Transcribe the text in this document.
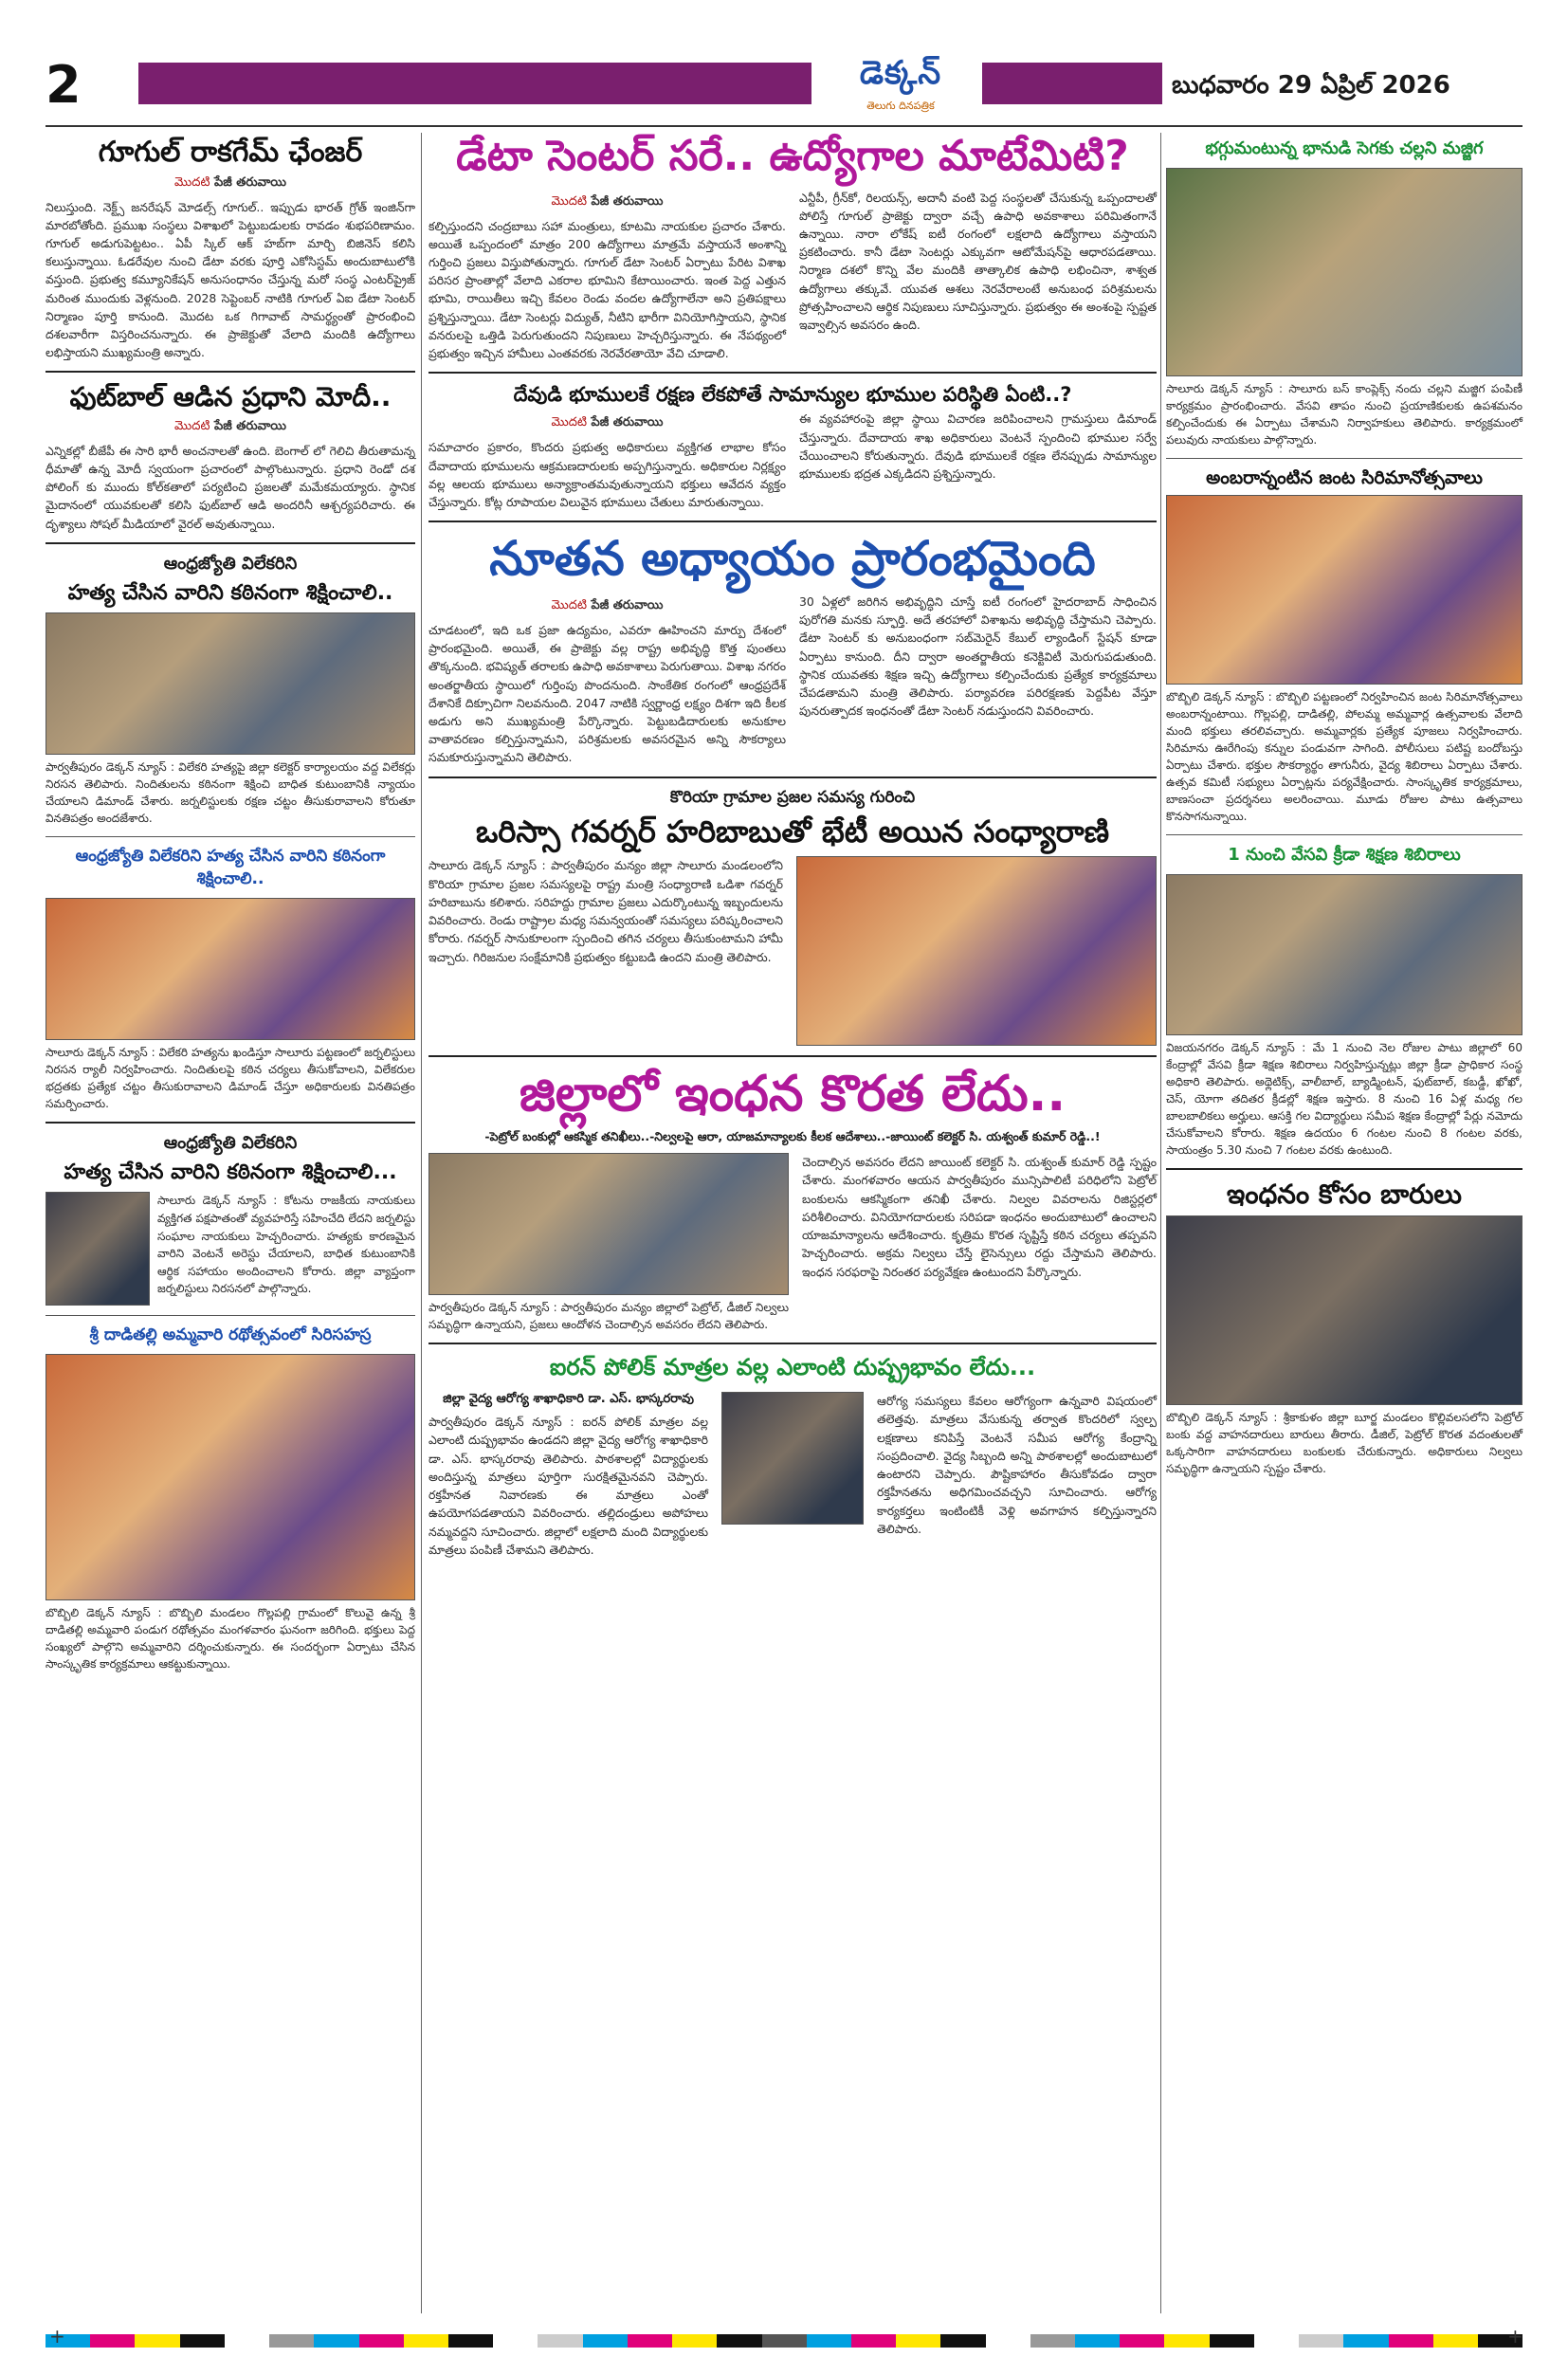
2	డెక్కన్
తెలుగు దినపత్రిక
బుధవారం 29 ఏప్రిల్ 2026
గూగుల్ రాకగేమ్ ఛేంజర్
మొదటి పేజీ తరువాయి

నిలుస్తుంది. నెక్ట్స్ జనరేషన్ మోడల్స్ గూగుల్.. ఇప్పుడు భారత్ గ్రోత్ ఇంజిన్‌గా మారబోతోంది. ప్రముఖ సంస్థలు విశాఖలో పెట్టుబడులకు రావడం శుభపరిణామం. గూగుల్ అడుగుపెట్టటం.. ఏపీ స్కిల్ ఆక్ హబ్‌గా మార్చి బిజినెస్ కలిసి కలుస్తున్నాయి. ఓడరేవుల నుంచి డేటా వరకు పూర్తి ఎకోసిస్టమ్ అందుబాటులోకి వస్తుంది. ప్రభుత్వ కమ్యూనికేషన్ అనుసంధానం చేస్తున్న మరో సంస్థ ఎంటర్‌ప్రైజ్ మరింత ముందుకు వెళ్లనుంది. 2028 సెప్టెంబర్ నాటికి గూగుల్ ఏఐ డేటా సెంటర్ నిర్మాణం పూర్తి కానుంది. మొదట ఒక గిగావాట్ సామర్థ్యంతో ప్రారంభించి దశలవారీగా విస్తరించనున్నారు. ఈ ప్రాజెక్టుతో వేలాది మందికి ఉద్యోగాలు లభిస్తాయని ముఖ్యమంత్రి అన్నారు.

ఫుట్‌బాల్ ఆడిన ప్రధాని మోదీ..
మొదటి పేజీ తరువాయి

ఎన్నికల్లో బీజేపీ ఈ సారి భారీ అంచనాలతో ఉంది. బెంగాల్ లో గెలిచి తీరుతామన్న ధీమాతో ఉన్న మోదీ స్వయంగా ప్రచారంలో పాల్గొంటున్నారు. ప్రధాని రెండో దశ పోలింగ్ కు ముందు కోల్‌కతాలో పర్యటించి ప్రజలతో మమేకమయ్యారు. స్థానిక మైదానంలో యువకులతో కలిసి ఫుట్‌బాల్ ఆడి అందరినీ ఆశ్చర్యపరిచారు. ఈ దృశ్యాలు సోషల్ మీడియాలో వైరల్ అవుతున్నాయి.

ఆంధ్రజ్యోతి విలేకరిని
హత్య చేసిన వారిని కఠినంగా శిక్షించాలి..

పార్వతీపురం డెక్కన్ న్యూస్ : విలేకరి హత్యపై జిల్లా కలెక్టర్ కార్యాలయం వద్ద విలేకర్లు నిరసన తెలిపారు. నిందితులను కఠినంగా శిక్షించి బాధిత కుటుంబానికి న్యాయం చేయాలని డిమాండ్ చేశారు. జర్నలిస్టులకు రక్షణ చట్టం తీసుకురావాలని కోరుతూ వినతిపత్రం అందజేశారు.

ఆంధ్రజ్యోతి విలేకరిని హత్య చేసిన వారిని కఠినంగా శిక్షించాలి..

సాలూరు డెక్కన్ న్యూస్ : విలేకరి హత్యను ఖండిస్తూ సాలూరు పట్టణంలో జర్నలిస్టులు నిరసన ర్యాలీ నిర్వహించారు. నిందితులపై కఠిన చర్యలు తీసుకోవాలని, విలేకరుల భద్రతకు ప్రత్యేక చట్టం తీసుకురావాలని డిమాండ్ చేస్తూ అధికారులకు వినతిపత్రం సమర్పించారు.

ఆంధ్రజ్యోతి విలేకరిని
హత్య చేసిన వారిని కఠినంగా శిక్షించాలి...

సాలూరు డెక్కన్ న్యూస్ : కోటను రాజకీయ నాయకులు వ్యక్తిగత పక్షపాతంతో వ్యవహరిస్తే సహించేది లేదని జర్నలిస్టు సంఘాల నాయకులు హెచ్చరించారు. హత్యకు కారణమైన వారిని వెంటనే అరెస్టు చేయాలని, బాధిత కుటుంబానికి ఆర్థిక సహాయం అందించాలని కోరారు. జిల్లా వ్యాప్తంగా జర్నలిస్టులు నిరసనలో పాల్గొన్నారు.

శ్రీ దాడితల్లి అమ్మవారి రథోత్సవంలో సిరిసహస్ర

బొబ్బిలి డెక్కన్ న్యూస్ : బొబ్బిలి మండలం గొల్లపల్లి గ్రామంలో కొలువై ఉన్న శ్రీ దాడితల్లి అమ్మవారి పండుగ రథోత్సవం మంగళవారం ఘనంగా జరిగింది. భక్తులు పెద్ద సంఖ్యలో పాల్గొని అమ్మవారిని దర్శించుకున్నారు. ఈ సందర్భంగా ఏర్పాటు చేసిన సాంస్కృతిక కార్యక్రమాలు ఆకట్టుకున్నాయి.

డేటా సెంటర్ సరే.. ఉద్యోగాల మాటేమిటి?
మొదటి పేజీ తరువాయి

కల్పిస్తుందని చంద్రబాబు సహా మంత్రులు, కూటమి నాయకుల ప్రచారం చేశారు. అయితే ఒప్పందంలో మాత్రం 200 ఉద్యోగాలు మాత్రమే వస్తాయనే అంశాన్ని గుర్తించి ప్రజలు విస్తుపోతున్నారు. గూగుల్ డేటా సెంటర్ ఏర్పాటు పేరిట విశాఖ పరిసర ప్రాంతాల్లో వేలాది ఎకరాల భూమిని కేటాయించారు. ఇంత పెద్ద ఎత్తున భూమి, రాయితీలు ఇచ్చి కేవలం రెండు వందల ఉద్యోగాలేనా అని ప్రతిపక్షాలు ప్రశ్నిస్తున్నాయి. డేటా సెంటర్లు విద్యుత్, నీటిని భారీగా వినియోగిస్తాయని, స్థానిక వనరులపై ఒత్తిడి పెరుగుతుందని నిపుణులు హెచ్చరిస్తున్నారు. ఈ నేపథ్యంలో ప్రభుత్వం ఇచ్చిన హామీలు ఎంతవరకు నెరవేరతాయో వేచి చూడాలి.

ఎన్టీపీ, గ్రీన్‌కో, రిలయన్స్, అదానీ వంటి పెద్ద సంస్థలతో చేసుకున్న ఒప్పందాలతో పోలిస్తే గూగుల్ ప్రాజెక్టు ద్వారా వచ్చే ఉపాధి అవకాశాలు పరిమితంగానే ఉన్నాయి. నారా లోకేష్ ఐటీ రంగంలో లక్షలాది ఉద్యోగాలు వస్తాయని ప్రకటించారు. కానీ డేటా సెంటర్లు ఎక్కువగా ఆటోమేషన్‌పై ఆధారపడతాయి. నిర్మాణ దశలో కొన్ని వేల మందికి తాత్కాలిక ఉపాధి లభించినా, శాశ్వత ఉద్యోగాలు తక్కువే. యువత ఆశలు నెరవేరాలంటే అనుబంధ పరిశ్రమలను ప్రోత్సహించాలని ఆర్థిక నిపుణులు సూచిస్తున్నారు. ప్రభుత్వం ఈ అంశంపై స్పష్టత ఇవ్వాల్సిన అవసరం ఉంది.

దేవుడి భూములకే రక్షణ లేకపోతే సామాన్యుల భూముల పరిస్థితి ఏంటి..?
మొదటి పేజీ తరువాయి

సమాచారం ప్రకారం, కొందరు ప్రభుత్వ అధికారులు వ్యక్తిగత లాభాల కోసం దేవాదాయ భూములను ఆక్రమణదారులకు అప్పగిస్తున్నారు. అధికారుల నిర్లక్ష్యం వల్ల ఆలయ భూములు అన్యాక్రాంతమవుతున్నాయని భక్తులు ఆవేదన వ్యక్తం చేస్తున్నారు. కోట్ల రూపాయల విలువైన భూములు చేతులు మారుతున్నాయి.

ఈ వ్యవహారంపై జిల్లా స్థాయి విచారణ జరిపించాలని గ్రామస్తులు డిమాండ్ చేస్తున్నారు. దేవాదాయ శాఖ అధికారులు వెంటనే స్పందించి భూముల సర్వే చేయించాలని కోరుతున్నారు. దేవుడి భూములకే రక్షణ లేనప్పుడు సామాన్యుల భూములకు భద్రత ఎక్కడిదని ప్రశ్నిస్తున్నారు.

నూతన అధ్యాయం ప్రారంభమైంది
మొదటి పేజీ తరువాయి

చూడటంలో, ఇది ఒక ప్రజా ఉద్యమం, ఎవరూ ఊహించని మార్పు దేశంలో ప్రారంభమైంది. అయితే, ఈ ప్రాజెక్టు వల్ల రాష్ట్ర అభివృద్ధి కొత్త పుంతలు తొక్కనుంది. భవిష్యత్ తరాలకు ఉపాధి అవకాశాలు పెరుగుతాయి. విశాఖ నగరం అంతర్జాతీయ స్థాయిలో గుర్తింపు పొందనుంది. సాంకేతిక రంగంలో ఆంధ్రప్రదేశ్ దేశానికే దిక్సూచిగా నిలవనుంది. 2047 నాటికి స్వర్ణాంధ్ర లక్ష్యం దిశగా ఇది కీలక అడుగు అని ముఖ్యమంత్రి పేర్కొన్నారు. పెట్టుబడిదారులకు అనుకూల వాతావరణం కల్పిస్తున్నామని, పరిశ్రమలకు అవసరమైన అన్ని సౌకర్యాలు సమకూరుస్తున్నామని తెలిపారు.

30 ఏళ్లలో జరిగిన అభివృద్ధిని చూస్తే ఐటీ రంగంలో హైదరాబాద్ సాధించిన పురోగతి మనకు స్ఫూర్తి. అదే తరహాలో విశాఖను అభివృద్ధి చేస్తామని చెప్పారు. డేటా సెంటర్ కు అనుబంధంగా సబ్‌మెరైన్ కేబుల్ ల్యాండింగ్ స్టేషన్ కూడా ఏర్పాటు కానుంది. దీని ద్వారా అంతర్జాతీయ కనెక్టివిటీ మెరుగుపడుతుంది. స్థానిక యువతకు శిక్షణ ఇచ్చి ఉద్యోగాలు కల్పించేందుకు ప్రత్యేక కార్యక్రమాలు చేపడతామని మంత్రి తెలిపారు. పర్యావరణ పరిరక్షణకు పెద్దపీట వేస్తూ పునరుత్పాదక ఇంధనంతో డేటా సెంటర్ నడుస్తుందని వివరించారు.

కొరియా గ్రామాల ప్రజల సమస్య గురించి
ఒరిస్సా గవర్నర్ హరిబాబుతో భేటీ అయిన సంధ్యారాణి

సాలూరు డెక్కన్ న్యూస్ : పార్వతీపురం మన్యం జిల్లా సాలూరు మండలంలోని కొరియా గ్రామాల ప్రజల సమస్యలపై రాష్ట్ర మంత్రి సంధ్యారాణి ఒడిశా గవర్నర్ హరిబాబును కలిశారు. సరిహద్దు గ్రామాల ప్రజలు ఎదుర్కొంటున్న ఇబ్బందులను వివరించారు. రెండు రాష్ట్రాల మధ్య సమన్వయంతో సమస్యలు పరిష్కరించాలని కోరారు. గవర్నర్ సానుకూలంగా స్పందించి తగిన చర్యలు తీసుకుంటామని హామీ ఇచ్చారు. గిరిజనుల సంక్షేమానికి ప్రభుత్వం కట్టుబడి ఉందని మంత్రి తెలిపారు.

జిల్లాలో ఇంధన కొరత లేదు..
-పెట్రోల్ బంకుల్లో ఆకస్మిక తనిఖీలు..-నిల్వలపై ఆరా, యాజమాన్యాలకు కీలక ఆదేశాలు..-జాయింట్ కలెక్టర్ సి. యశ్వంత్ కుమార్ రెడ్డి..!

పార్వతీపురం డెక్కన్ న్యూస్ : పార్వతీపురం మన్యం జిల్లాలో పెట్రోల్, డీజిల్ నిల్వలు సమృద్ధిగా ఉన్నాయని, ప్రజలు ఆందోళన చెందాల్సిన అవసరం లేదని తెలిపారు.

చెందాల్సిన అవసరం లేదని జాయింట్ కలెక్టర్ సి. యశ్వంత్ కుమార్ రెడ్డి స్పష్టం చేశారు. మంగళవారం ఆయన పార్వతీపురం మున్సిపాలిటీ పరిధిలోని పెట్రోల్ బంకులను ఆకస్మికంగా తనిఖీ చేశారు. నిల్వల వివరాలను రిజిస్టర్లలో పరిశీలించారు. వినియోగదారులకు సరిపడా ఇంధనం అందుబాటులో ఉంచాలని యాజమాన్యాలను ఆదేశించారు. కృత్రిమ కొరత సృష్టిస్తే కఠిన చర్యలు తప్పవని హెచ్చరించారు. అక్రమ నిల్వలు చేస్తే లైసెన్సులు రద్దు చేస్తామని తెలిపారు. ఇంధన సరఫరాపై నిరంతర పర్యవేక్షణ ఉంటుందని పేర్కొన్నారు.

ఐరన్ పోలిక్ మాత్రల వల్ల ఎలాంటి దుష్ప్రభావం లేదు...
జిల్లా వైద్య ఆరోగ్య శాఖాధికారి డా. ఎస్. భాస్కరరావు

పార్వతీపురం డెక్కన్ న్యూస్ : ఐరన్ పోలిక్ మాత్రల వల్ల ఎలాంటి దుష్ప్రభావం ఉండదని జిల్లా వైద్య ఆరోగ్య శాఖాధికారి డా. ఎస్. భాస్కరరావు తెలిపారు. పాఠశాలల్లో విద్యార్థులకు అందిస్తున్న మాత్రలు పూర్తిగా సురక్షితమైనవని చెప్పారు. రక్తహీనత నివారణకు ఈ మాత్రలు ఎంతో ఉపయోగపడతాయని వివరించారు. తల్లిదండ్రులు అపోహలు నమ్మవద్దని సూచించారు. జిల్లాలో లక్షలాది మంది విద్యార్థులకు మాత్రలు పంపిణీ చేశామని తెలిపారు.

ఆరోగ్య సమస్యలు కేవలం ఆరోగ్యంగా ఉన్నవారి విషయంలో తలెత్తవు. మాత్రలు వేసుకున్న తర్వాత కొందరిలో స్వల్ప లక్షణాలు కనిపిస్తే వెంటనే సమీప ఆరోగ్య కేంద్రాన్ని సంప్రదించాలి. వైద్య సిబ్బంది అన్ని పాఠశాలల్లో అందుబాటులో ఉంటారని చెప్పారు. పౌష్టికాహారం తీసుకోవడం ద్వారా రక్తహీనతను అధిగమించవచ్చని సూచించారు. ఆరోగ్య కార్యకర్తలు ఇంటింటికీ వెళ్లి అవగాహన కల్పిస్తున్నారని తెలిపారు.

భగ్గుమంటున్న భానుడి సెగకు చల్లని మజ్జిగ

సాలూరు డెక్కన్ న్యూస్ : సాలూరు బస్ కాంప్లెక్స్ నందు చల్లని మజ్జిగ పంపిణీ కార్యక్రమం ప్రారంభించారు. వేసవి తాపం నుంచి ప్రయాణికులకు ఉపశమనం కల్పించేందుకు ఈ ఏర్పాటు చేశామని నిర్వాహకులు తెలిపారు. కార్యక్రమంలో పలువురు నాయకులు పాల్గొన్నారు.

అంబరాన్నంటిన జంట సిరిమానోత్సవాలు

బొబ్బిలి డెక్కన్ న్యూస్ : బొబ్బిలి పట్టణంలో నిర్వహించిన జంట సిరిమానోత్సవాలు అంబరాన్నంటాయి. గొల్లపల్లి, దాడితల్లి, పోలమ్మ అమ్మవార్ల ఉత్సవాలకు వేలాది మంది భక్తులు తరలివచ్చారు. అమ్మవార్లకు ప్రత్యేక పూజలు నిర్వహించారు. సిరిమాను ఊరేగింపు కన్నుల పండువగా సాగింది. పోలీసులు పటిష్ట బందోబస్తు ఏర్పాటు చేశారు. భక్తుల సౌకర్యార్థం తాగునీరు, వైద్య శిబిరాలు ఏర్పాటు చేశారు. ఉత్సవ కమిటీ సభ్యులు ఏర్పాట్లను పర్యవేక్షించారు. సాంస్కృతిక కార్యక్రమాలు, బాణసంచా ప్రదర్శనలు అలరించాయి. మూడు రోజుల పాటు ఉత్సవాలు కొనసాగనున్నాయి.

1 నుంచి వేసవి క్రీడా శిక్షణ శిబిరాలు

విజయనగరం డెక్కన్ న్యూస్ : మే 1 నుంచి నెల రోజుల పాటు జిల్లాలో 60 కేంద్రాల్లో వేసవి క్రీడా శిక్షణ శిబిరాలు నిర్వహిస్తున్నట్లు జిల్లా క్రీడా ప్రాధికార సంస్థ అధికారి తెలిపారు. అథ్లెటిక్స్, వాలీబాల్, బ్యాడ్మింటన్, ఫుట్‌బాల్, కబడ్డీ, ఖోఖో, చెస్, యోగా తదితర క్రీడల్లో శిక్షణ ఇస్తారు. 8 నుంచి 16 ఏళ్ల మధ్య గల బాలబాలికలు అర్హులు. ఆసక్తి గల విద్యార్థులు సమీప శిక్షణ కేంద్రాల్లో పేర్లు నమోదు చేసుకోవాలని కోరారు. శిక్షణ ఉదయం 6 గంటల నుంచి 8 గంటల వరకు, సాయంత్రం 5.30 నుంచి 7 గంటల వరకు ఉంటుంది.

ఇంధనం కోసం బారులు

బొబ్బిలి డెక్కన్ న్యూస్ : శ్రీకాకుళం జిల్లా బూర్జ మండలం కొల్లివలసలోని పెట్రోల్ బంకు వద్ద వాహనదారులు బారులు తీరారు. డీజిల్, పెట్రోల్ కొరత వదంతులతో ఒక్కసారిగా వాహనదారులు బంకులకు చేరుకున్నారు. అధికారులు నిల్వలు సమృద్ధిగా ఉన్నాయని స్పష్టం చేశారు.

+	+
